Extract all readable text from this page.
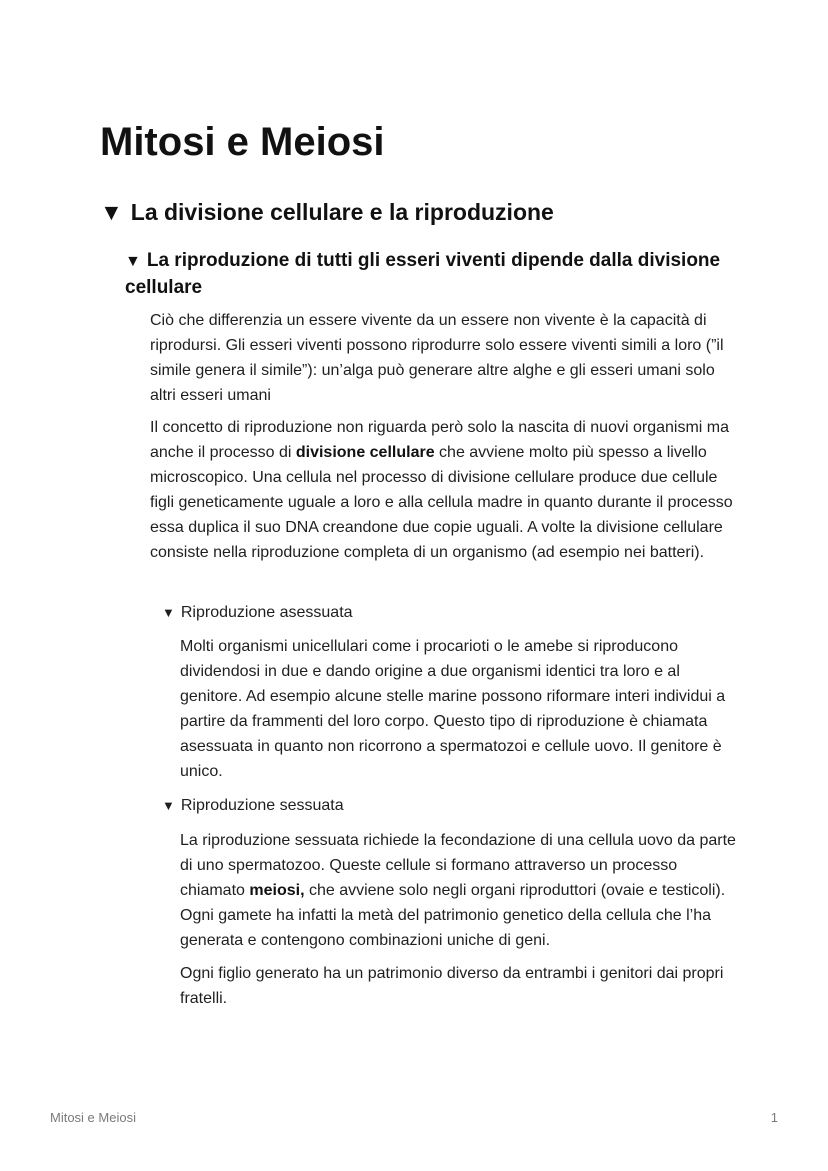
Mitosi e Meiosi
▼ La divisione cellulare e la riproduzione
▼ La riproduzione di tutti gli esseri viventi dipende dalla divisione cellulare

Ciò che differenzia un essere vivente da un essere non vivente è la capacità di riprodursi. Gli esseri viventi possono riprodurre solo essere viventi simili a loro (”il simile genera il simile”): un’alga può generare altre alghe e gli esseri umani solo altri esseri umani

Il concetto di riproduzione non riguarda però solo la nascita di nuovi organismi ma anche il processo di divisione cellulare che avviene molto più spesso a livello microscopico. Una cellula nel processo di divisione cellulare produce due cellule figli geneticamente uguale a loro e alla cellula madre in quanto durante il processo essa duplica il suo DNA creandone due copie uguali. A volte la divisione cellulare consiste nella riproduzione completa di un organismo (ad esempio nei batteri).

▼ Riproduzione asessuata

Molti organismi unicellulari come i procarioti o le amebe si riproducono dividendosi in due e dando origine a due organismi identici tra loro e al genitore. Ad esempio alcune stelle marine possono riformare interi individui a partire da frammenti del loro corpo. Questo tipo di riproduzione è chiamata asessuata in quanto non ricorrono a spermatozoi e cellule uovo. Il genitore è unico.

▼ Riproduzione sessuata

La riproduzione sessuata richiede la fecondazione di una cellula uovo da parte di uno spermatozoo. Queste cellule si formano attraverso un processo chiamato meiosi, che avviene solo negli organi riproduttori (ovaie e testicoli). Ogni gamete ha infatti la metà del patrimonio genetico della cellula che l’ha generata e contengono combinazioni uniche di geni.

Ogni figlio generato ha un patrimonio diverso da entrambi i genitori dai propri fratelli.

Mitosi e Meiosi	1
